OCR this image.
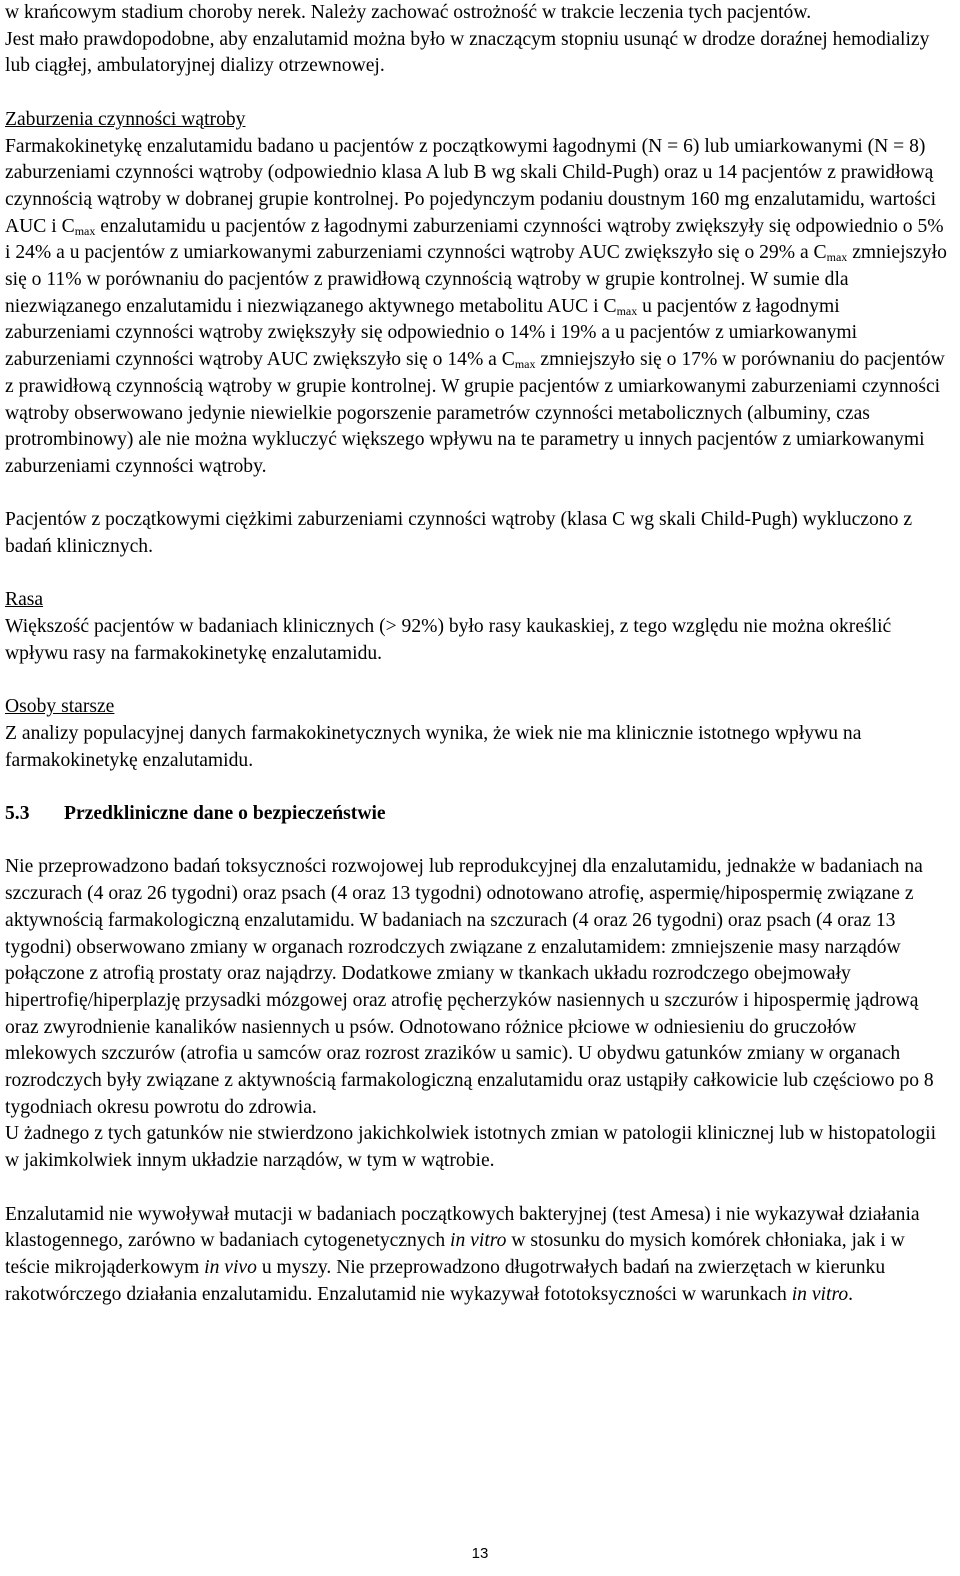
w krańcowym stadium choroby nerek. Należy zachować ostrożność w trakcie leczenia tych pacjentów.

Jest mało prawdopodobne, aby enzalutamid można było w znaczącym stopniu usunąć w drodze doraźnej hemodializy lub ciągłej, ambulatoryjnej dializy otrzewnowej.

Zaburzenia czynności wątroby

Farmakokinetykę enzalutamidu badano u pacjentów z początkowymi łagodnymi (N = 6) lub umiarkowanymi (N = 8) zaburzeniami czynności wątroby (odpowiednio klasa A lub B wg skali Child-Pugh) oraz u 14 pacjentów z prawidłową czynnością wątroby w dobranej grupie kontrolnej. Po pojedynczym podaniu doustnym 160 mg enzalutamidu, wartości AUC i $C_{max}$ enzalutamidu u pacjentów z łagodnymi zaburzeniami czynności wątroby zwiększyły się odpowiednio o 5% i 24% a u pacjentów z umiarkowanymi zaburzeniami czynności wątroby AUC zwiększyło się o 29% a $C_{max}$ zmniejszyło się o 11% w porównaniu do pacjentów z prawidłową czynnością wątroby w grupie kontrolnej. W sumie dla niezwiązanego enzalutamidu i niezwiązanego aktywnego metabolitu AUC i $C_{max}$ u pacjentów z łagodnymi zaburzeniami czynności wątroby zwiększyły się odpowiednio o 14% i 19% a u pacjentów z umiarkowanymi zaburzeniami czynności wątroby AUC zwiększyło się o 14% a $C_{max}$ zmniejszyło się o 17% w porównaniu do pacjentów z prawidłową czynnością wątroby w grupie kontrolnej. W grupie pacjentów z umiarkowanymi zaburzeniami czynności wątroby obserwowano jedynie niewielkie pogorszenie parametrów czynności metabolicznych (albuminy, czas protrombinowy) ale nie można wykluczyć większego wpływu na te parametry u innych pacjentów z umiarkowanymi zaburzeniami czynności wątroby.

Pacjentów z początkowymi ciężkimi zaburzeniami czynności wątroby (klasa C wg skali Child-Pugh) wykluczono z badań klinicznych.

Rasa

Większość pacjentów w badaniach klinicznych (> 92%) było rasy kaukaskiej, z tego względu nie można określić wpływu rasy na farmakokinetykę enzalutamidu.

Osoby starsze

Z analizy populacyjnej danych farmakokinetycznych wynika, że wiek nie ma klinicznie istotnego wpływu na farmakokinetykę enzalutamidu.

5.3 Przedkliniczne dane o bezpieczeństwie

Nie przeprowadzono badań toksyczności rozwojowej lub reprodukcyjnej dla enzalutamidu, jednakże w badaniach na szczurach (4 oraz 26 tygodni) oraz psach (4 oraz 13 tygodni) odnotowano atrofię, aspermię/hipospermię związane z aktywnością farmakologiczną enzalutamidu. W badaniach na szczurach (4 oraz 26 tygodni) oraz psach (4 oraz 13 tygodni) obserwowano zmiany w organach rozrodczych związane z enzalutamidem: zmniejszenie masy narządów połączone z atrofią prostaty oraz najądrzy. Dodatkowe zmiany w tkankach układu rozrodczego obejmowały hipertrofię/hiperplazję przysadki mózgowej oraz atrofię pęcherzyków nasiennych u szczurów i hipospermię jądrową oraz zwyrodnienie kanalików nasiennych u psów. Odnotowano różnice płciowe w odniesieniu do gruczołów mlekowych szczurów (atrofia u samców oraz rozrost zrazików u samic). U obydwu gatunków zmiany w organach rozrodczych były związane z aktywnością farmakologiczną enzalutamidu oraz ustąpiły całkowicie lub częściowo po 8 tygodniach okresu powrotu do zdrowia.

U żadnego z tych gatunków nie stwierdzono jakichkolwiek istotnych zmian w patologii klinicznej lub w histopatologii w jakimkolwiek innym układzie narządów, w tym w wątrobie.

Enzalutamid nie wywoływał mutacji w badaniach początkowych bakteryjnej (test Amesa) i nie wykazywał działania klastogennego, zarówno w badaniach cytogenetycznych in vitro w stosunku do mysich komórek chłoniaka, jak i w teście mikrojąderkowym in vivo u myszy. Nie przeprowadzono długotrwałych badań na zwierzętach w kierunku rakotwórczego działania enzalutamidu. Enzalutamid nie wykazywał fototoksyczności w warunkach in vitro.

13
